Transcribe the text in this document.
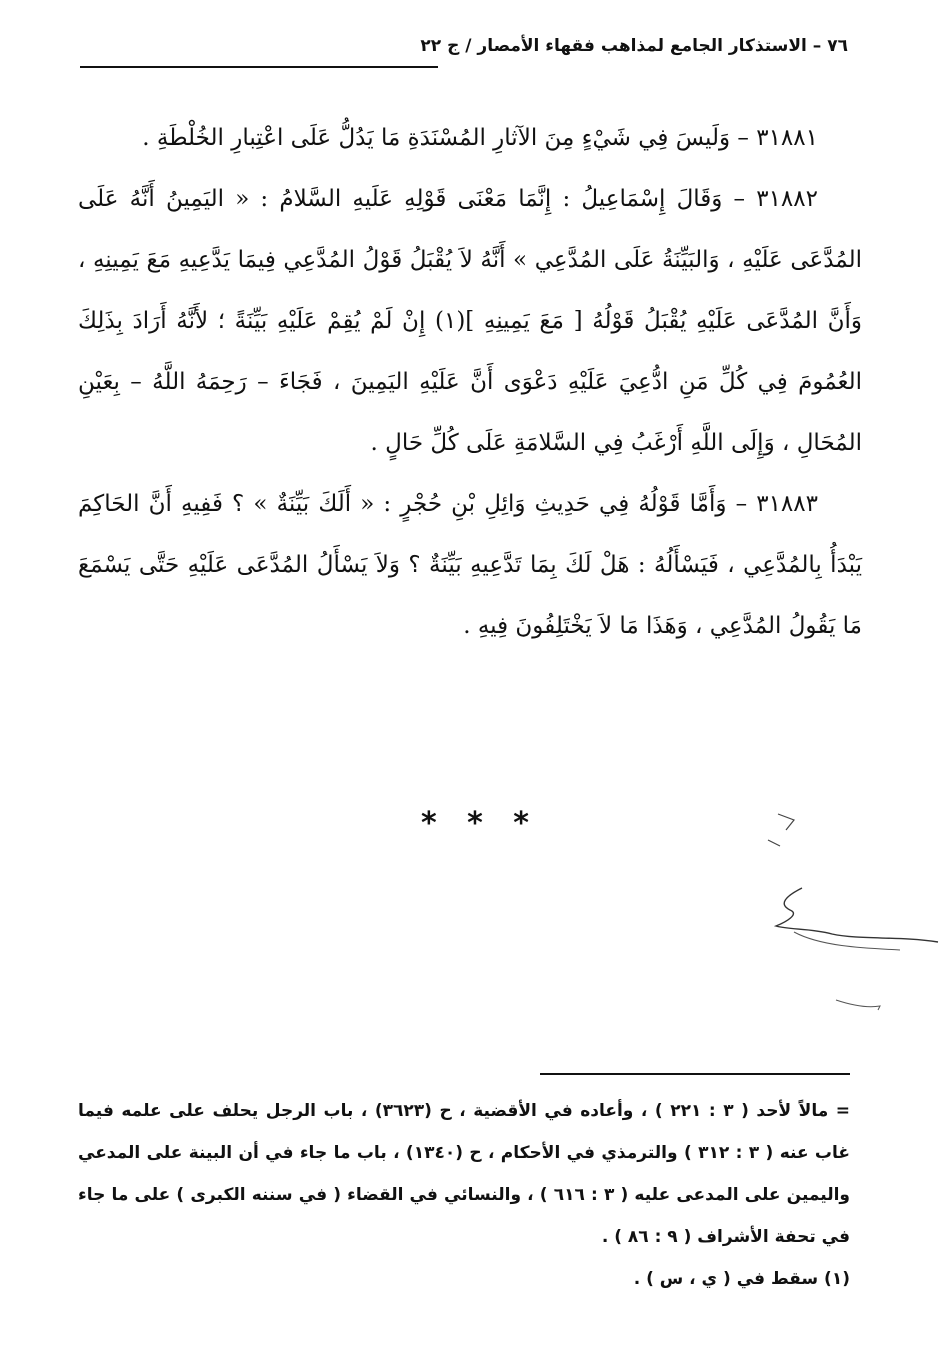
٧٦ – الاستذكار الجامع لمذاهب فقهاء الأمصار / ج ٢٢

٣١٨٨١ – وَلَيسَ فِي شَيْءٍ مِنَ الآثارِ المُسْنَدَةِ مَا يَدُلُّ عَلَى اعْتِبارِ الخُلْطَةِ .

٣١٨٨٢ – وَقَالَ إِسْمَاعِيلُ : إِنَّمَا مَعْنَى قَوْلِهِ عَلَيهِ السَّلامُ : « اليَمِينُ أَنَّهُ عَلَى المُدَّعَى عَلَيْهِ ، وَالبَيِّنَةُ عَلَى المُدَّعِي » أَنَّهُ لاَ يُقْبَلُ قَوْلُ المُدَّعِي فِيمَا يَدَّعِيهِ مَعَ يَمِينِهِ ، وَأَنَّ المُدَّعَى عَلَيْهِ يُقْبَلُ قَوْلُهُ [ مَعَ يَمِينِهِ ](١) إِنْ لَمْ يُقِمْ عَلَيْهِ بَيِّنَةً ؛ لأَنَّهُ أَرَادَ بِذَلِكَ العُمُومَ فِي كُلِّ مَنِ ادُّعِيَ عَلَيْهِ دَعْوَى أَنَّ عَلَيْهِ اليَمِينَ ، فَجَاءَ – رَحِمَهُ اللَّهُ – بِعَيْنِ المُحَالِ ، وَإِلَى اللَّهِ أَرْغَبُ فِي السَّلامَةِ عَلَى كُلِّ حَالٍ .

٣١٨٨٣ – وَأَمَّا قَوْلُهُ فِي حَدِيثِ وَائِلِ بْنِ حُجْرٍ : « أَلَكَ بَيِّنَةٌ » ؟ فَفِيهِ أَنَّ الحَاكِمَ يَبْدَأُ بِالمُدَّعِي ، فَيَسْأَلُهُ : هَلْ لَكَ بِمَا تَدَّعِيهِ بَيِّنَةٌ ؟ وَلاَ يَسْأَلُ المُدَّعَى عَلَيْهِ حَتَّى يَسْمَعَ مَا يَقُولُ المُدَّعِي ، وَهَذَا مَا لاَ يَخْتَلِفُونَ فِيهِ .

* * *

= مالاً لأحد ( ٣ : ٢٢١ ) ، وأعاده في الأقضية ، ح (٣٦٢٣) ، باب الرجل يحلف على علمه فيما غاب عنه ( ٣ : ٣١٢ ) والترمذي في الأحكام ، ح (١٣٤٠) ، باب ما جاء في أن البينة على المدعي واليمين على المدعى عليه ( ٣ : ٦١٦ ) ، والنسائي في القضاء ( في سننه الكبرى ) على ما جاء في تحفة الأشراف ( ٩ : ٨٦ ) .

(١) سقط في ( ي ، س ) .
